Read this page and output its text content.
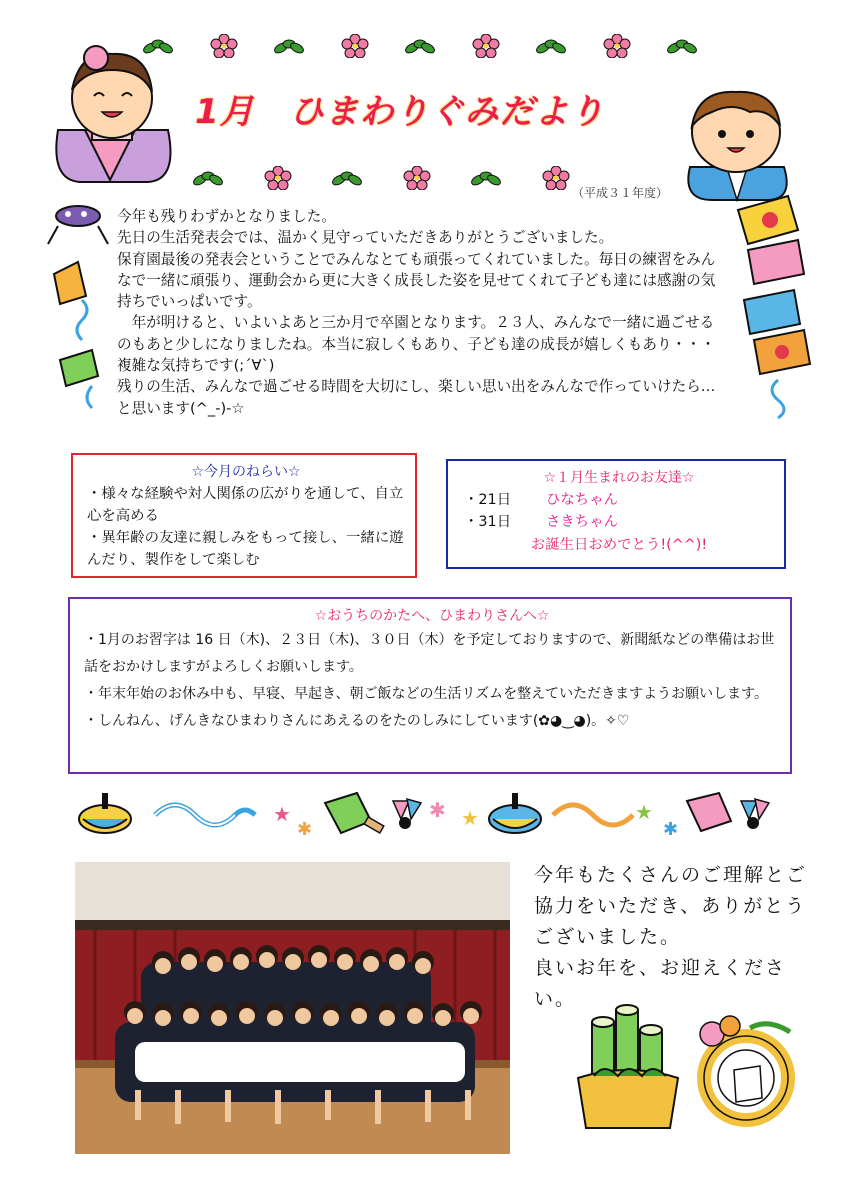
1月　ひまわりぐみだより
（平成３１年度）

今年も残りわずかとなりました。

先日の生活発表会では、温かく見守っていただきありがとうございました。

保育園最後の発表会ということでみんなとても頑張ってくれていました。毎日の練習をみんなで一緒に頑張り、運動会から更に大きく成長した姿を見せてくれて子ども達には感謝の気持ちでいっぱいです。

　年が明けると、いよいよあと三か月で卒園となります。２３人、みんなで一緒に過ごせるのもあと少しになりましたね。本当に寂しくもあり、子ども達の成長が嬉しくもあり・・・複雑な気持ちです(;´∀`)

残りの生活、みんなで過ごせる時間を大切にし、楽しい思い出をみんなで作っていけたら…と思います(^_-)-☆

☆今月のねらい☆
・様々な経験や対人関係の広がりを通して、自立心を高める
・異年齢の友達に親しみをもって接し、一緒に遊んだり、製作をして楽しむ
☆１月生まれのお友達☆
・21日	ひなちゃん
・31日	さきちゃん
お誕生日おめでとう!(^^)!
☆おうちのかたへ、ひまわりさんへ☆
・1月のお習字は 16 日（木)、２３日（木)、３０日（木）を予定しておりますので、新聞紙などの準備はお世話をおかけしますがよろしくお願いします。
・年末年始のお休み中も、早寝、早起き、朝ご飯などの生活リズムを整えていただきますようお願いします。
・しんねん、げんきなひまわりさんにあえるのをたのしみにしています(✿◕‿◕)。✧♡
★
✱
✱ ★	★
✱
今年もたくさんのご理解とご協力をいただき、ありがとうございました。
良いお年を、お迎えください。
